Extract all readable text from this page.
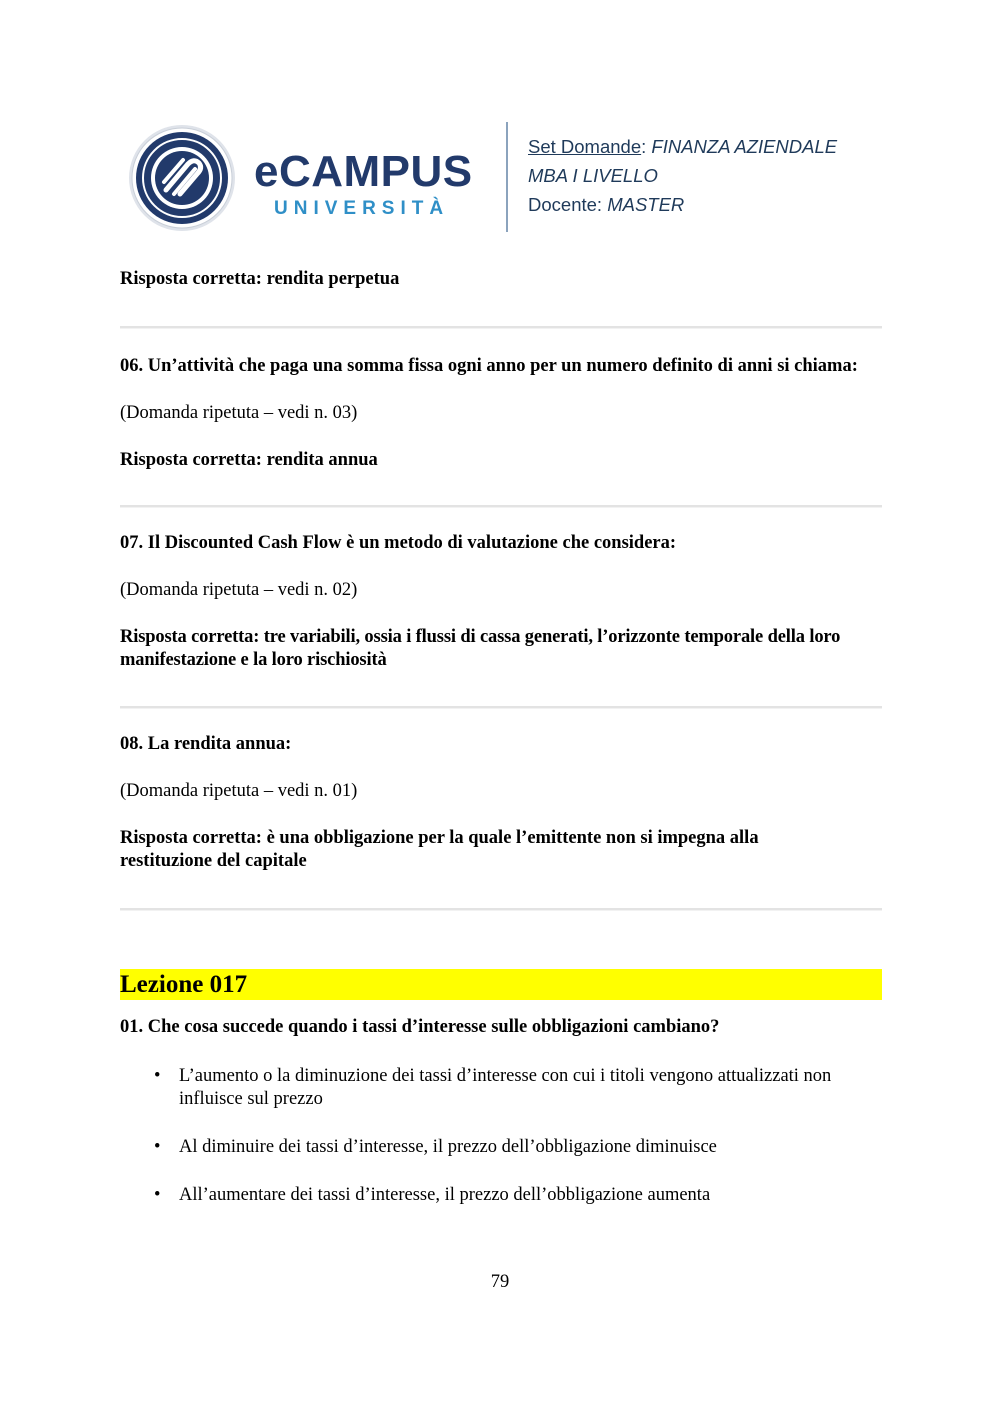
eCAMPUS
UNIVERSITÀ
Set Domande: FINANZA AZIENDALE
MBA I LIVELLO
Docente: MASTER

Risposta corretta: rendita perpetua

06. Un’attività che paga una somma fissa ogni anno per un numero definito di anni si chiama:

(Domanda ripetuta – vedi n. 03)

Risposta corretta: rendita annua

07. Il Discounted Cash Flow è un metodo di valutazione che considera:

(Domanda ripetuta – vedi n. 02)

Risposta corretta: tre variabili, ossia i flussi di cassa generati, l’orizzonte temporale della loro manifestazione e la loro rischiosità

08. La rendita annua:

(Domanda ripetuta – vedi n. 01)

Risposta corretta: è una obbligazione per la quale l’emittente non si impegna alla restituzione del capitale

Lezione 017

01. Che cosa succede quando i tassi d’interesse sulle obbligazioni cambiano?

• L’aumento o la diminuzione dei tassi d’interesse con cui i titoli vengono attualizzati non influisce sul prezzo
• Al diminuire dei tassi d’interesse, il prezzo dell’obbligazione diminuisce
• All’aumentare dei tassi d’interesse, il prezzo dell’obbligazione aumenta
79
